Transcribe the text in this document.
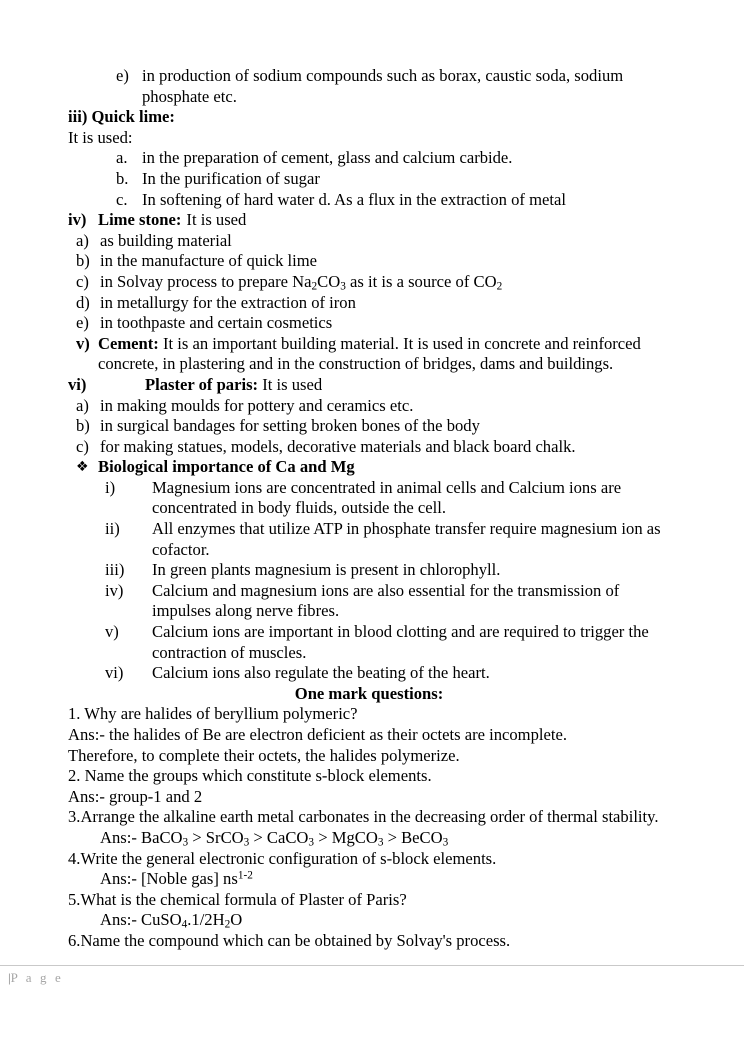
e) in production of sodium compounds such as borax, caustic soda, sodium phosphate etc.
iii) Quick lime:
It is used:
a. in the preparation of cement, glass and calcium carbide.
b. In the purification of sugar
c. In softening of hard water d. As a flux in the extraction of metal
iv) Lime stone: It is used
a) as building material
b) in the manufacture of quick lime
c) in Solvay process to prepare $Na_2CO_3$ as it is a source of $CO_2$
d) in metallurgy for the extraction of iron
e) in toothpaste and certain cosmetics
v) Cement: It is an important building material. It is used in concrete and reinforced concrete, in plastering and in the construction of bridges, dams and buildings.
vi)	Plaster of paris: It is used
a) in making moulds for pottery and ceramics etc.
b) in surgical bandages for setting broken bones of the body
c) for making statues, models, decorative materials and black board chalk.
❖ Biological importance of Ca and Mg
i)	Magnesium ions are concentrated in animal cells and Calcium ions are concentrated in body fluids, outside the cell.
ii)	All enzymes that utilize ATP in phosphate transfer require magnesium ion as cofactor.
iii)	In green plants magnesium is present in chlorophyll.
iv)	Calcium and magnesium ions are also essential for the transmission of impulses along nerve fibres.
v)	Calcium ions are important in blood clotting and are required to trigger the contraction of muscles.
vi)	Calcium ions also regulate the beating of the heart.
One mark questions:
1. Why are halides of beryllium polymeric?
Ans:- the halides of Be are electron deficient as their octets are incomplete.
Therefore, to complete their octets, the halides polymerize.
2. Name the groups which constitute s-block elements.
Ans:- group-1 and 2
3.Arrange the alkaline earth metal carbonates in the decreasing order of thermal stability.
Ans:- BaCO$_3$ > SrCO$_3$ > CaCO$_3$ > MgCO$_3$ > BeCO$_3$
4.Write the general electronic configuration of s-block elements.
Ans:- [Noble gas] $ns^{1-2}$
5.What is the chemical formula of Plaster of Paris?
Ans:- $CuSO_4.1/2H_2O$
6.Name the compound which can be obtained by Solvay's process.
|P a g e
